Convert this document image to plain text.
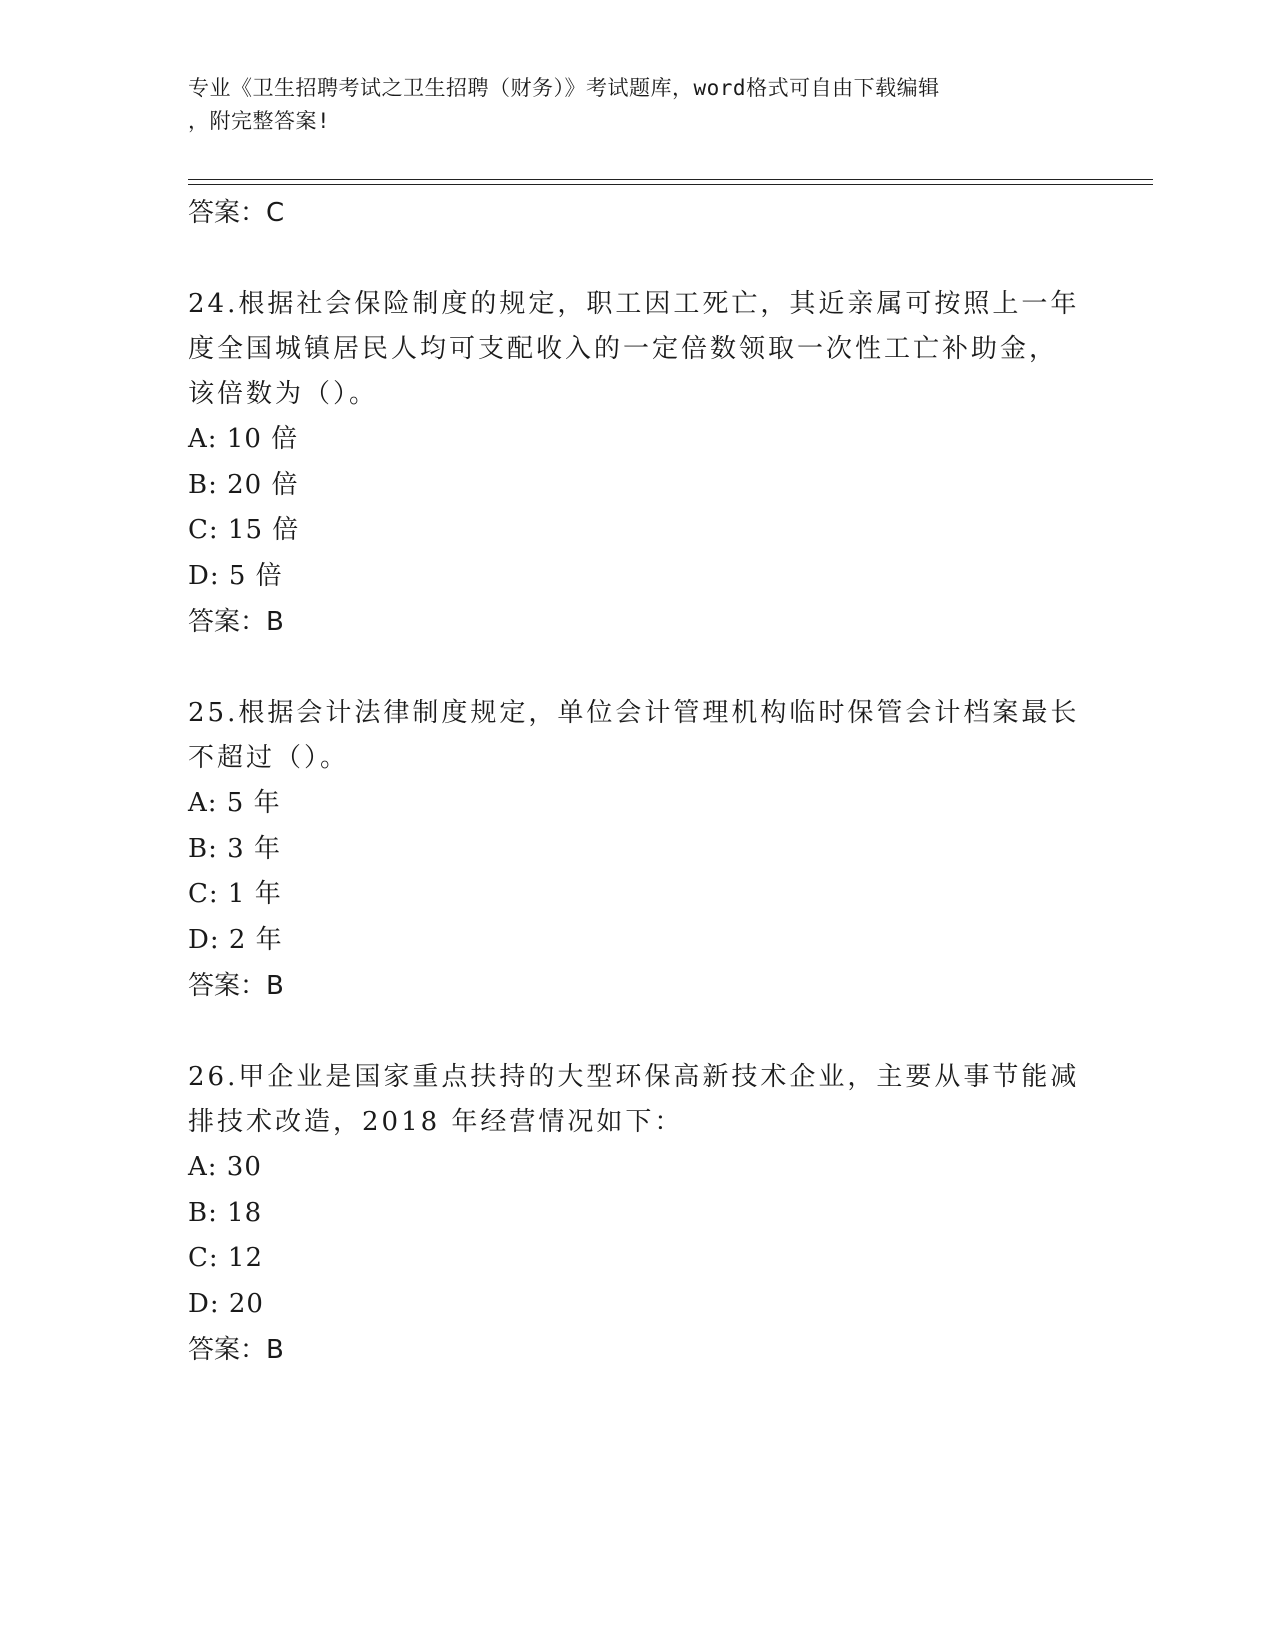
专业《卫生招聘考试之卫生招聘（财务）》考试题库，word格式可自由下载编辑
，附完整答案!
答案：C
24.根据社会保险制度的规定，职工因工死亡，其近亲属可按照上一年
度全国城镇居民人均可支配收入的一定倍数领取一次性工亡补助金，
该倍数为（）。
A: 10 倍
B: 20 倍
C: 15 倍
D: 5 倍
答案：B
25.根据会计法律制度规定，单位会计管理机构临时保管会计档案最长
不超过（）。
A: 5 年
B: 3 年
C: 1 年
D: 2 年
答案：B
26.甲企业是国家重点扶持的大型环保高新技术企业，主要从事节能减
排技术改造，2018 年经营情况如下：
A: 30
B: 18
C: 12
D: 20
答案：B
